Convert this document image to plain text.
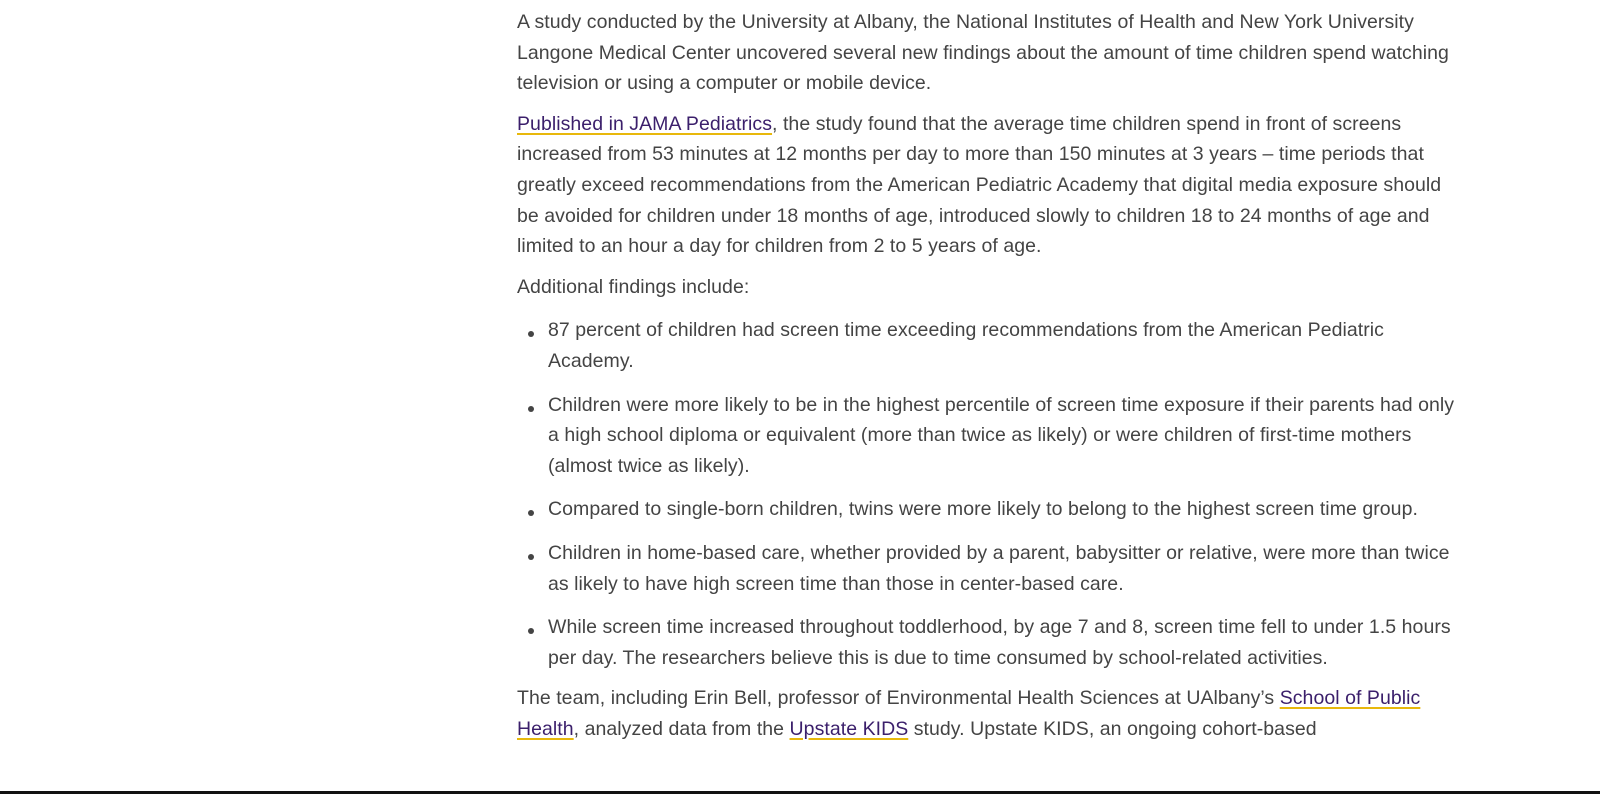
A study conducted by the University at Albany, the National Institutes of Health and New York University Langone Medical Center uncovered several new findings about the amount of time children spend watching television or using a computer or mobile device.

Published in JAMA Pediatrics, the study found that the average time children spend in front of screens increased from 53 minutes at 12 months per day to more than 150 minutes at 3 years – time periods that greatly exceed recommendations from the American Pediatric Academy that digital media exposure should be avoided for children under 18 months of age, introduced slowly to children 18 to 24 months of age and limited to an hour a day for children from 2 to 5 years of age.

Additional findings include:

87 percent of children had screen time exceeding recommendations from the American Pediatric Academy.
Children were more likely to be in the highest percentile of screen time exposure if their parents had only a high school diploma or equivalent (more than twice as likely) or were children of first-time mothers (almost twice as likely).
Compared to single-born children, twins were more likely to belong to the highest screen time group.
Children in home-based care, whether provided by a parent, babysitter or relative, were more than twice as likely to have high screen time than those in center-based care.
While screen time increased throughout toddlerhood, by age 7 and 8, screen time fell to under 1.5 hours per day. The researchers believe this is due to time consumed by school-related activities.

The team, including Erin Bell, professor of Environmental Health Sciences at UAlbany’s School of Public Health, analyzed data from the Upstate KIDS study. Upstate KIDS, an ongoing cohort-based
